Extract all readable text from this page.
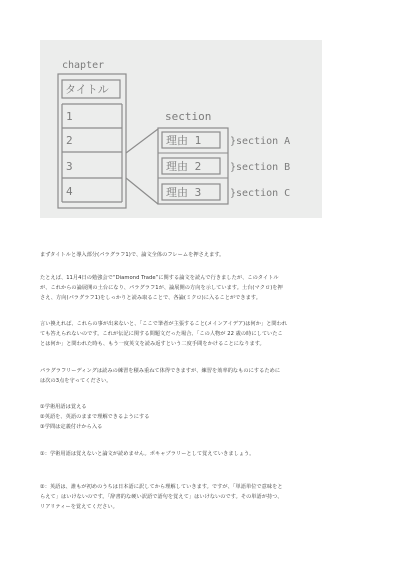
chapter
タイトル
1
2
3
4
section
理由 1
理由 2
理由 3
}section A
}section B
}section C

まずタイトルと導入部分(パラグラフ1)で、論文全体のフレームを押さえます。

たとえば、11月4日の勉強会で“Diamond Trade”に関する論文を読んで行きましたが、このタイトル
が、これからの論展開の土台になり、パラグラフ1が、論展開の方向を示しています。土台(マクロ)を押
さえ、方向(パラグラフ1)をしっかりと読み取ることで、各論(ミクロ)に入ることができます。

言い換えれば、これらの事が出来ないと、「ここで筆者が主張すること(メインアイデア)は何か」と問われ
ても答えられないのです。これが伝記に関する問題文だった場合、「この人物が 22 歳の時にしていたこ
とは何か」と問われた時も、もう一度英文を読み返すという二度手間をかけることになります。

パラグラフリーディングは読みの練習を積み重ねて体得できますが、練習を効率的なものにするために
は次の3点を守ってください。

①学術用語は覚える
②英語を、英語のままで理解できるようにする
③学問は定義付けから入る

①：学術用語は覚えないと論文が読めません。ボキャブラリーとして覚えていきましょう。

②：英語は、誰もが初めのうちは日本語に訳してから理解していきます。ですが、「単語単位で意味をと
らえて」はいけないのです。「辞書的な硬い訳語で語句を覚えて」はいけないのです。その単語が持つ、
リアリティーを覚えてください。
